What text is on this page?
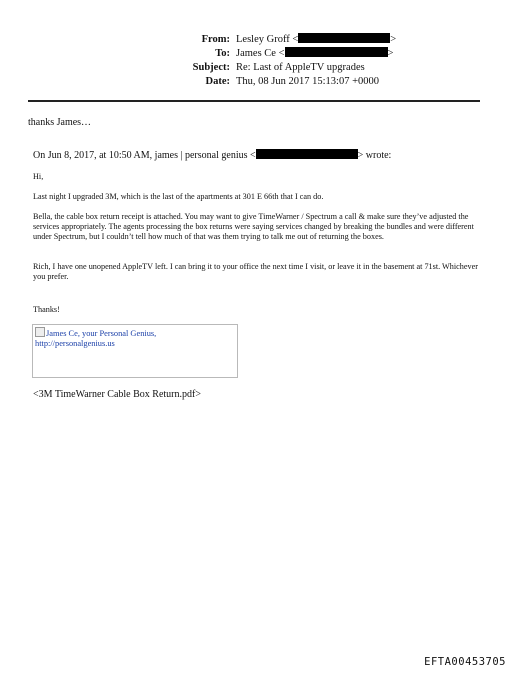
From: Lesley Groff <	>
To: James Ce <	>
Subject: Re: Last of AppleTV upgrades
Date: Thu, 08 Jun 2017 15:13:07 +0000
thanks James…
On Jun 8, 2017, at 10:50 AM, james | personal genius <	> wrote:
Hi,
Last night I upgraded 3M, which is the last of the apartments at 301 E 66th that I can do.
Bella, the cable box return receipt is attached. You may want to give TimeWarner / Spectrum a call & make sure they’ve adjusted the services appropriately. The agents processing the box returns were saying services changed by breaking the bundles and were different under Spectrum, but I couldn’t tell how much of that was them trying to talk me out of returning the boxes.
Rich, I have one unopened AppleTV left. I can bring it to your office the next time I visit, or leave it in the basement at 71st. Whichever you prefer.
Thanks!
James Ce, your Personal Genius,
http://personalgenius.us
<3M TimeWarner Cable Box Return.pdf>
EFTA00453705
